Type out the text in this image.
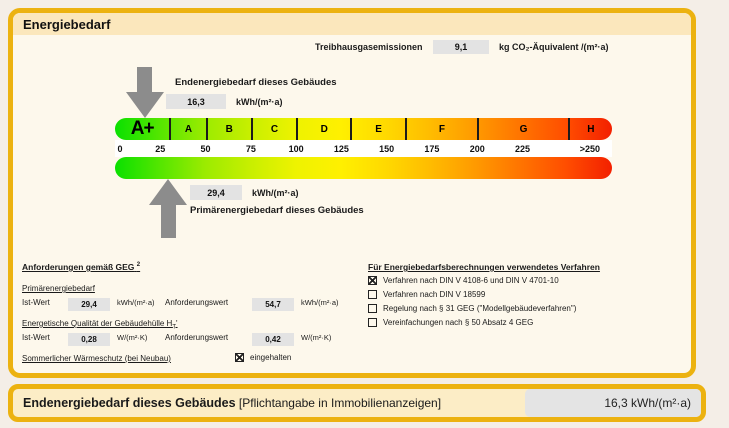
Energiebedarf
Treibhausgasemissionen	9,1	kg CO₂-Äquivalent /(m²·a)
Endenergiebedarf dieses Gebäudes
16,3	kWh/(m²·a)
A+	A	B	C	D	E	F	G	H
0	25	50	75	100	125	150	175	200	225	>250
29,4	kWh/(m²·a)
Primärenergiebedarf dieses Gebäudes
Anforderungen gemäß GEG $^2$
Primärenergiebedarf
Ist-Wert	29,4	kWh/(m²·a) Anforderungswert	54,7	kWh/(m²·a)
Energetische Qualität der Gebäudehülle $H_T'$
Ist-Wert	0,28	W/(m²·K) Anforderungswert	0,42	W/(m²·K)
Sommerlicher Wärmeschutz (bei Neubau)	eingehalten
Für Energiebedarfsberechnungen verwendetes Verfahren
Verfahren nach DIN V 4108-6 und DIN V 4701-10
Verfahren nach DIN V 18599
Regelung nach § 31 GEG ("Modellgebäudeverfahren")
Vereinfachungen nach § 50 Absatz 4 GEG
Endenergiebedarf dieses Gebäudes [Pflichtangabe in Immobilienanzeigen]	16,3 kWh/(m²·a)
